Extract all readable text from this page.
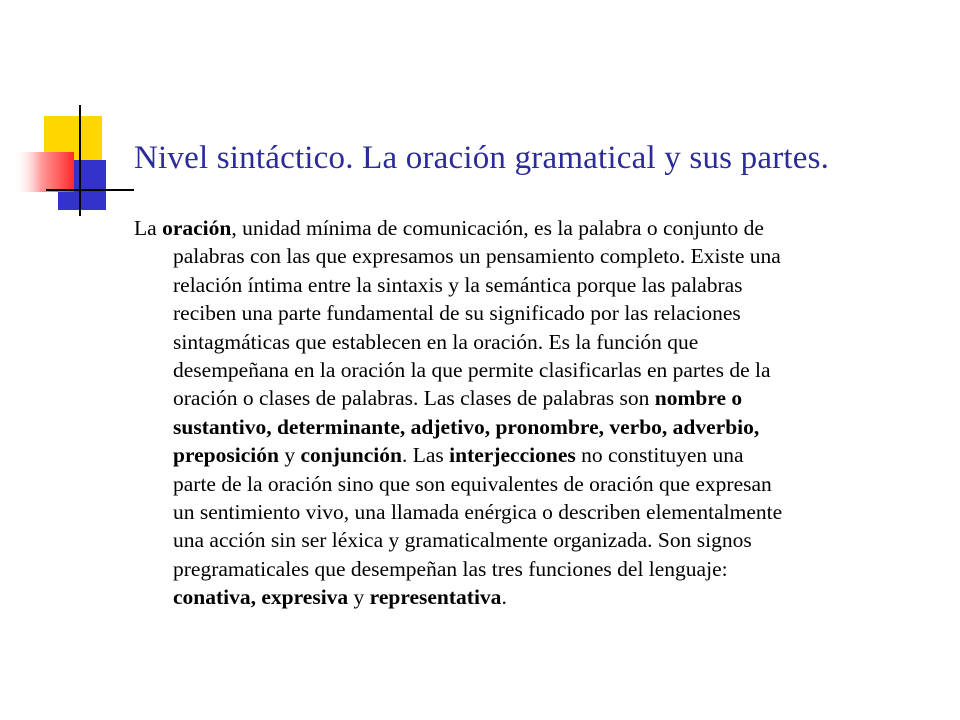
Nivel sintáctico. La oración gramatical y sus partes.
La oración, unidad mínima de comunicación, es la palabra o conjunto de
palabras con las que expresamos un pensamiento completo. Existe una
relación íntima entre la sintaxis y la semántica porque las palabras
reciben una parte fundamental de su significado por las relaciones
sintagmáticas que establecen en la oración. Es la función que
desempeñana en la oración la que permite clasificarlas en partes de la
oración o clases de palabras. Las clases de palabras son nombre o
sustantivo, determinante, adjetivo, pronombre, verbo, adverbio,
preposición y conjunción. Las interjecciones no constituyen una
parte de la oración sino que son equivalentes de oración que expresan
un sentimiento vivo, una llamada enérgica o describen elementalmente
una acción sin ser léxica y gramaticalmente organizada. Son signos
pregramaticales que desempeñan las tres funciones del lenguaje:
conativa, expresiva y representativa.
